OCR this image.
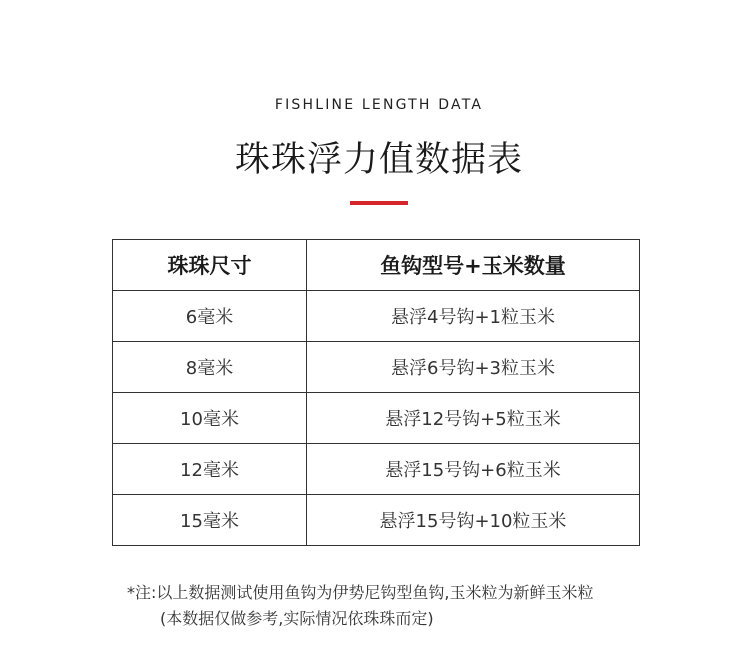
FISHLINE LENGTH DATA
珠珠浮力值数据表
珠珠尺寸	鱼钩型号+玉米数量
6毫米	悬浮4号钩+1粒玉米
8毫米	悬浮6号钩+3粒玉米
10毫米	悬浮12号钩+5粒玉米
12毫米	悬浮15号钩+6粒玉米
15毫米	悬浮15号钩+10粒玉米
*注:以上数据测试使用鱼钩为伊势尼钩型鱼钩,玉米粒为新鲜玉米粒
(本数据仅做参考,实际情况依珠珠而定)
